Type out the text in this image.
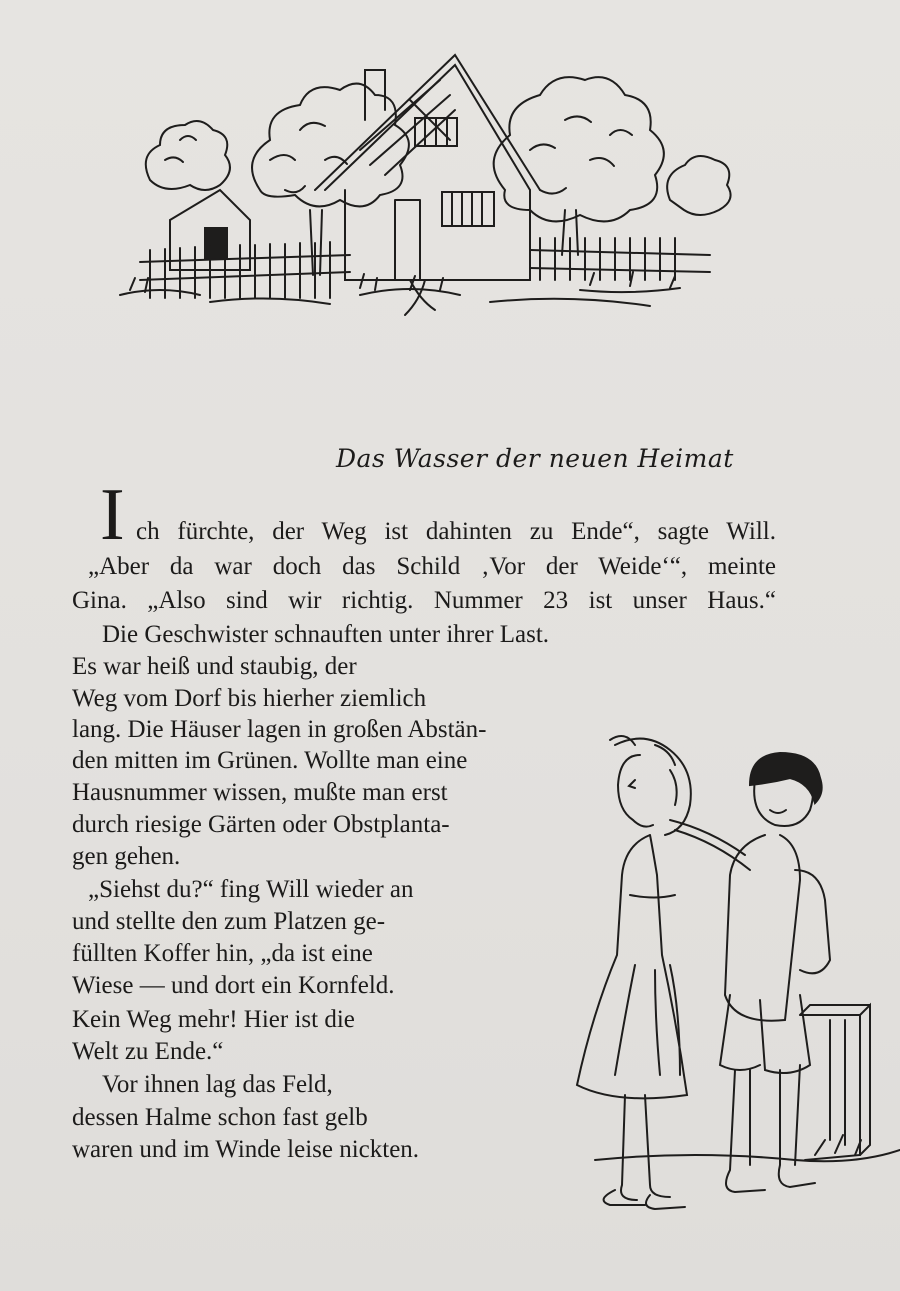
Das Wasser der neuen Heimat
I ch fürchte, der Weg ist dahinten zu Ende“, sagte Will.
„Aber da war doch das Schild ‚Vor der Weide‘“, meinte
Gina. „Also sind wir richtig. Nummer 23 ist unser Haus.“
Die Geschwister schnauften unter ihrer Last.
Es war heiß und staubig, der
Weg vom Dorf bis hierher ziemlich
lang. Die Häuser lagen in großen Abstän-
den mitten im Grünen. Wollte man eine
Hausnummer wissen, mußte man erst
durch riesige Gärten oder Obstplanta-
gen gehen.
„Siehst du?“ fing Will wieder an
und stellte den zum Platzen ge-
füllten Koffer hin, „da ist eine
Wiese — und dort ein Kornfeld.
Kein Weg mehr! Hier ist die
Welt zu Ende.“
Vor ihnen lag das Feld,
dessen Halme schon fast gelb
waren und im Winde leise nickten.
